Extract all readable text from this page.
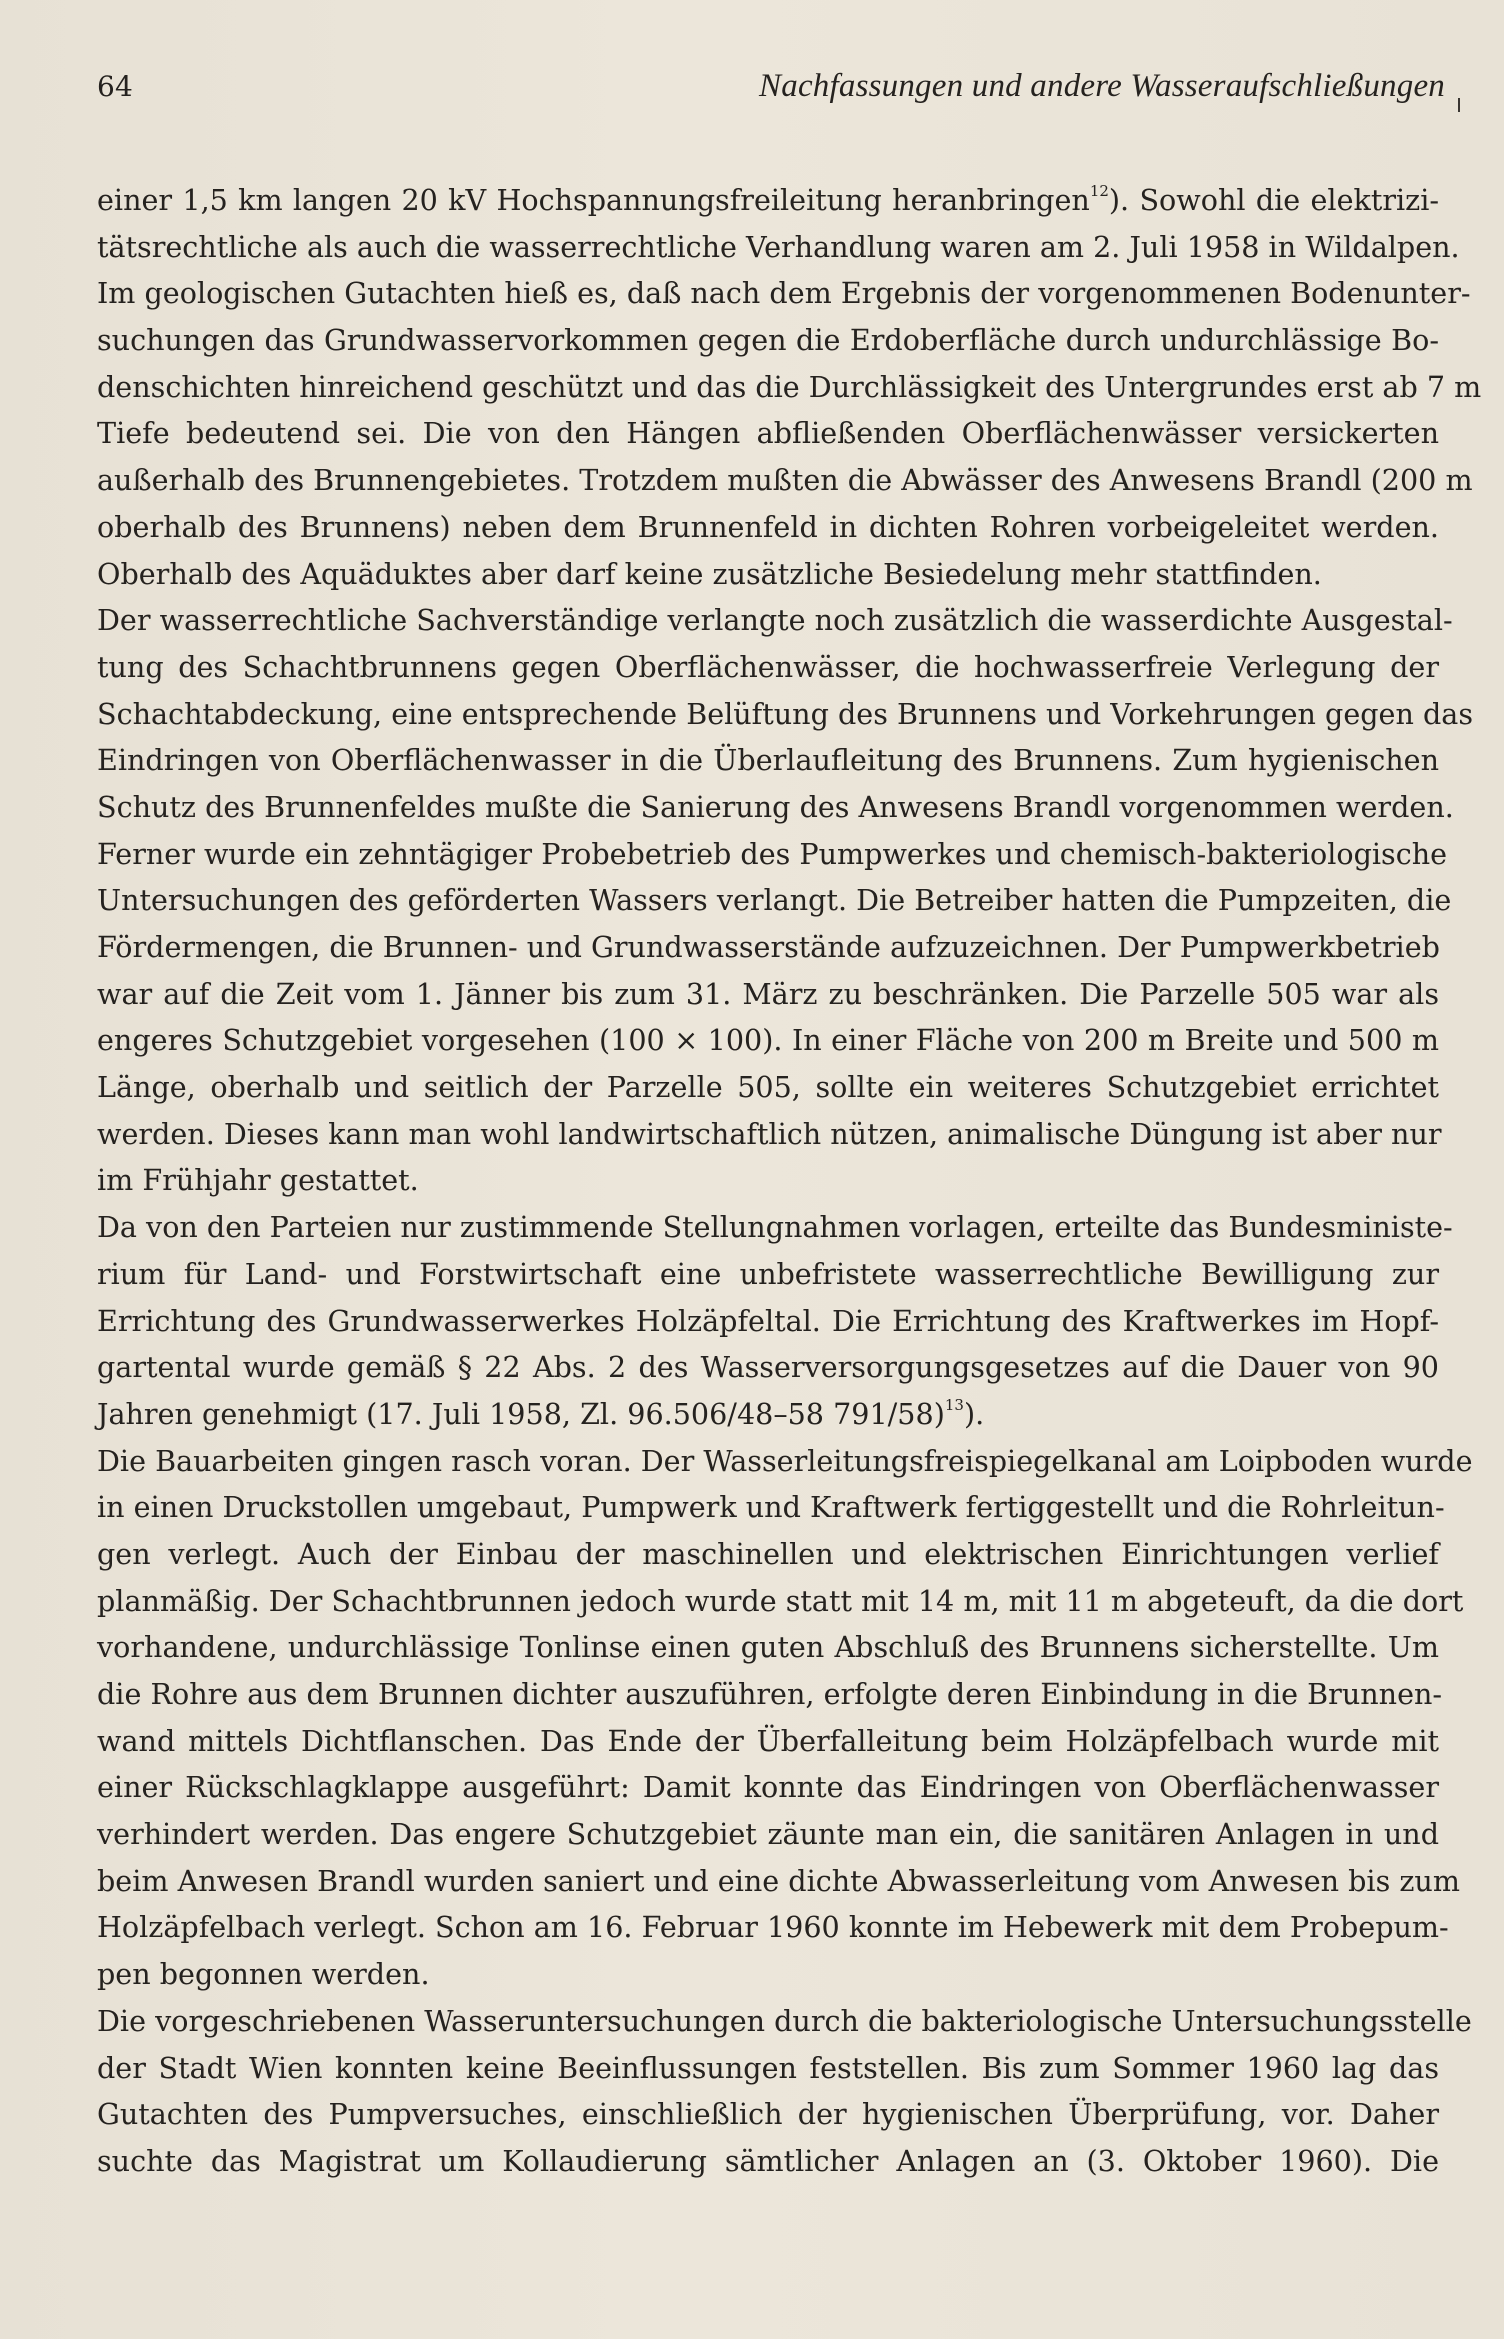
64	Nachfassungen und andere Wasseraufschließungen
einer 1,5 km langen 20 kV Hochspannungsfreileitung heranbringen$^{12}$). Sowohl die elektrizi-
tätsrechtliche als auch die wasserrechtliche Verhandlung waren am 2. Juli 1958 in Wildalpen.
Im geologischen Gutachten hieß es, daß nach dem Ergebnis der vorgenommenen Bodenunter-
suchungen das Grundwasservorkommen gegen die Erdoberfläche durch undurchlässige Bo-
denschichten hinreichend geschützt und das die Durchlässigkeit des Untergrundes erst ab 7 m
Tiefe bedeutend sei. Die von den Hängen abfließenden Oberflächenwässer versickerten
außerhalb des Brunnengebietes. Trotzdem mußten die Abwässer des Anwesens Brandl (200 m
oberhalb des Brunnens) neben dem Brunnenfeld in dichten Rohren vorbeigeleitet werden.
Oberhalb des Aquäduktes aber darf keine zusätzliche Besiedelung mehr stattfinden.
Der wasserrechtliche Sachverständige verlangte noch zusätzlich die wasserdichte Ausgestal-
tung des Schachtbrunnens gegen Oberflächenwässer, die hochwasserfreie Verlegung der
Schachtabdeckung, eine entsprechende Belüftung des Brunnens und Vorkehrungen gegen das
Eindringen von Oberflächenwasser in die Überlaufleitung des Brunnens. Zum hygienischen
Schutz des Brunnenfeldes mußte die Sanierung des Anwesens Brandl vorgenommen werden.
Ferner wurde ein zehntägiger Probebetrieb des Pumpwerkes und chemisch-bakteriologische
Untersuchungen des geförderten Wassers verlangt. Die Betreiber hatten die Pumpzeiten, die
Fördermengen, die Brunnen- und Grundwasserstände aufzuzeichnen. Der Pumpwerkbetrieb
war auf die Zeit vom 1. Jänner bis zum 31. März zu beschränken. Die Parzelle 505 war als
engeres Schutzgebiet vorgesehen (100 × 100). In einer Fläche von 200 m Breite und 500 m
Länge, oberhalb und seitlich der Parzelle 505, sollte ein weiteres Schutzgebiet errichtet
werden. Dieses kann man wohl landwirtschaftlich nützen, animalische Düngung ist aber nur
im Frühjahr gestattet.
Da von den Parteien nur zustimmende Stellungnahmen vorlagen, erteilte das Bundesministe-
rium für Land- und Forstwirtschaft eine unbefristete wasserrechtliche Bewilligung zur
Errichtung des Grundwasserwerkes Holzäpfeltal. Die Errichtung des Kraftwerkes im Hopf-
gartental wurde gemäß § 22 Abs. 2 des Wasserversorgungsgesetzes auf die Dauer von 90
Jahren genehmigt (17. Juli 1958, Zl. 96.506/48–58 791/58)$^{13}$).
Die Bauarbeiten gingen rasch voran. Der Wasserleitungsfreispiegelkanal am Loipboden wurde
in einen Druckstollen umgebaut, Pumpwerk und Kraftwerk fertiggestellt und die Rohrleitun-
gen verlegt. Auch der Einbau der maschinellen und elektrischen Einrichtungen verlief
planmäßig. Der Schachtbrunnen jedoch wurde statt mit 14 m, mit 11 m abgeteuft, da die dort
vorhandene, undurchlässige Tonlinse einen guten Abschluß des Brunnens sicherstellte. Um
die Rohre aus dem Brunnen dichter auszuführen, erfolgte deren Einbindung in die Brunnen-
wand mittels Dichtflanschen. Das Ende der Überfalleitung beim Holzäpfelbach wurde mit
einer Rückschlagklappe ausgeführt: Damit konnte das Eindringen von Oberflächenwasser
verhindert werden. Das engere Schutzgebiet zäunte man ein, die sanitären Anlagen in und
beim Anwesen Brandl wurden saniert und eine dichte Abwasserleitung vom Anwesen bis zum
Holzäpfelbach verlegt. Schon am 16. Februar 1960 konnte im Hebewerk mit dem Probepum-
pen begonnen werden.
Die vorgeschriebenen Wasseruntersuchungen durch die bakteriologische Untersuchungsstelle
der Stadt Wien konnten keine Beeinflussungen feststellen. Bis zum Sommer 1960 lag das
Gutachten des Pumpversuches, einschließlich der hygienischen Überprüfung, vor. Daher
suchte das Magistrat um Kollaudierung sämtlicher Anlagen an (3. Oktober 1960). Die
